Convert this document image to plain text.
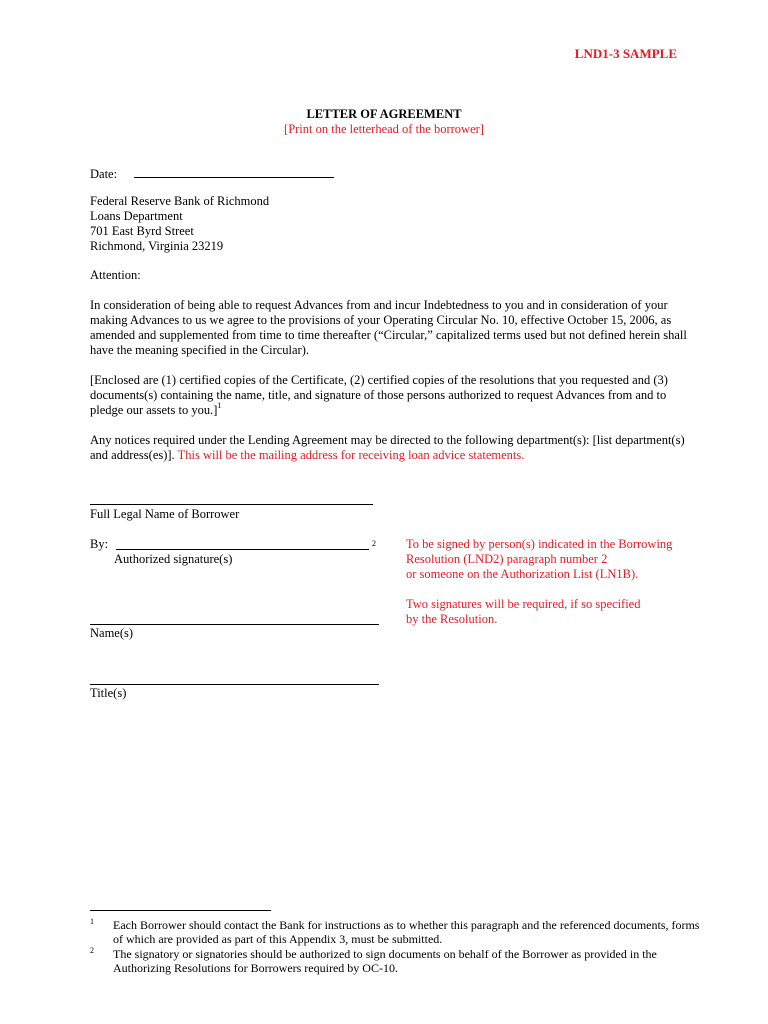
LND1-3 SAMPLE
LETTER OF AGREEMENT
[Print on the letterhead of the borrower]
Date:
Federal Reserve Bank of Richmond
Loans Department
701 East Byrd Street
Richmond, Virginia 23219
Attention:
In consideration of being able to request Advances from and incur Indebtedness to you and in consideration of your making Advances to us we agree to the provisions of your Operating Circular No. 10, effective October 15, 2006, as amended and supplemented from time to time thereafter (“Circular,” capitalized terms used but not defined herein shall have the meaning specified in the Circular).
[Enclosed are (1) certified copies of the Certificate, (2) certified copies of the resolutions that you requested and (3) documents(s) containing the name, title, and signature of those persons authorized to request Advances from and to pledge our assets to you.]$^1$
Any notices required under the Lending Agreement may be directed to the following department(s): [list department(s) and address(es)]. This will be the mailing address for receiving loan advice statements.
Full Legal Name of Borrower
By:	2
Authorized signature(s)
To be signed by person(s) indicated in the Borrowing
Resolution (LND2) paragraph number 2
or someone on the Authorization List (LN1B).
Two signatures will be required, if so specified
by the Resolution.
Name(s)
Title(s)
1 Each Borrower should contact the Bank for instructions as to whether this paragraph and the referenced documents, forms of which are provided as part of this Appendix 3, must be submitted.
2 The signatory or signatories should be authorized to sign documents on behalf of the Borrower as provided in the Authorizing Resolutions for Borrowers required by OC-10.
